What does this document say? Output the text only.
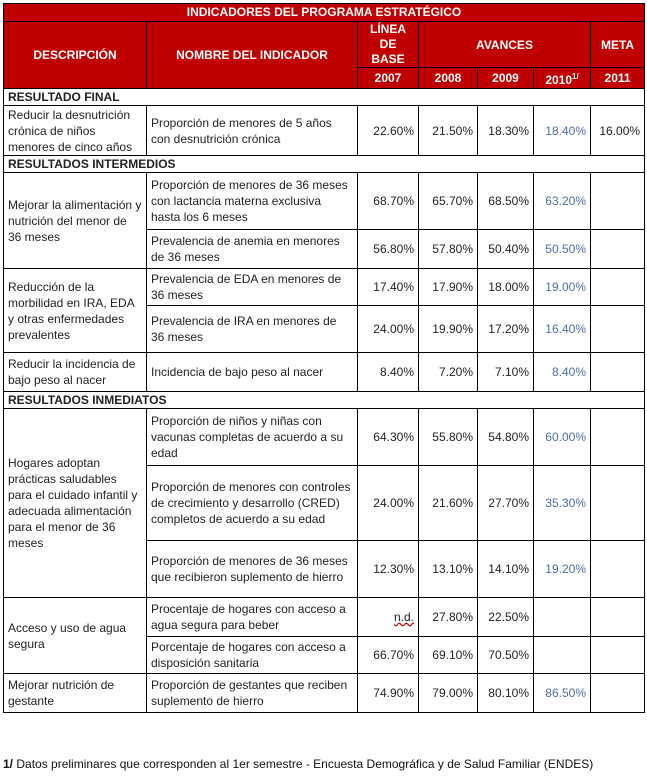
INDICADORES DEL PROGRAMA ESTRATÉGICO						
DESCRIPCIÓN	NOMBRE DEL INDICADOR	LÍNEA DE BASE	AVANCES			META
		2007	2008	2009	$2010^{1/}$	2011
RESULTADO FINAL						
Reducir la desnutrición crónica de niños menores de cinco años	Proporción de menores de 5 años con desnutrición crónica	22.60%	21.50%	18.30%	18.40%	16.00%
RESULTADOS INTERMEDIOS						
Mejorar la alimentación y nutrición del menor de 36 meses	Proporción de menores de 36 meses con lactancia materna exclusiva hasta los 6 meses	68.70%	65.70%	68.50%	63.20%	
	Prevalencia de anemia en menores de 36 meses	56.80%	57.80%	50.40%	50.50%	
Reducción de la morbilidad en IRA, EDA y otras enfermedades prevalentes	Prevalencia de EDA en menores de 36 meses	17.40%	17.90%	18.00%	19.00%	
	Prevalencia de IRA en menores de 36 meses	24.00%	19.90%	17.20%	16.40%	
Reducir la incidencia de bajo peso al nacer	Incidencia de bajo peso al nacer	8.40%	7.20%	7.10%	8.40%	
RESULTADOS INMEDIATOS						
Hogares adoptan prácticas saludables para el cuidado infantil y adecuada alimentación para el menor de 36 meses	Proporción de niños y niñas con vacunas completas de acuerdo a su edad	64.30%	55.80%	54.80%	60.00%	
	Proporción de menores con controles de crecimiento y desarrollo (CRED) completos de acuerdo a su edad	24.00%	21.60%	27.70%	35.30%	
	Proporción de menores de 36 meses que recibieron suplemento de hierro	12.30%	13.10%	14.10%	19.20%	
Acceso y uso de agua segura	Procentaje de hogares con acceso a agua segura para beber	n.d.	27.80%	22.50%		
	Porcentaje de hogares con acceso a disposición sanitaria	66.70%	69.10%	70.50%		
Mejorar nutrición de gestante	Proporción de gestantes que reciben suplemento de hierro	74.90%	79.00%	80.10%	86.50%	
1/ Datos preliminares que corresponden al 1er semestre - Encuesta Demográfica y de Salud Familiar (ENDES)
